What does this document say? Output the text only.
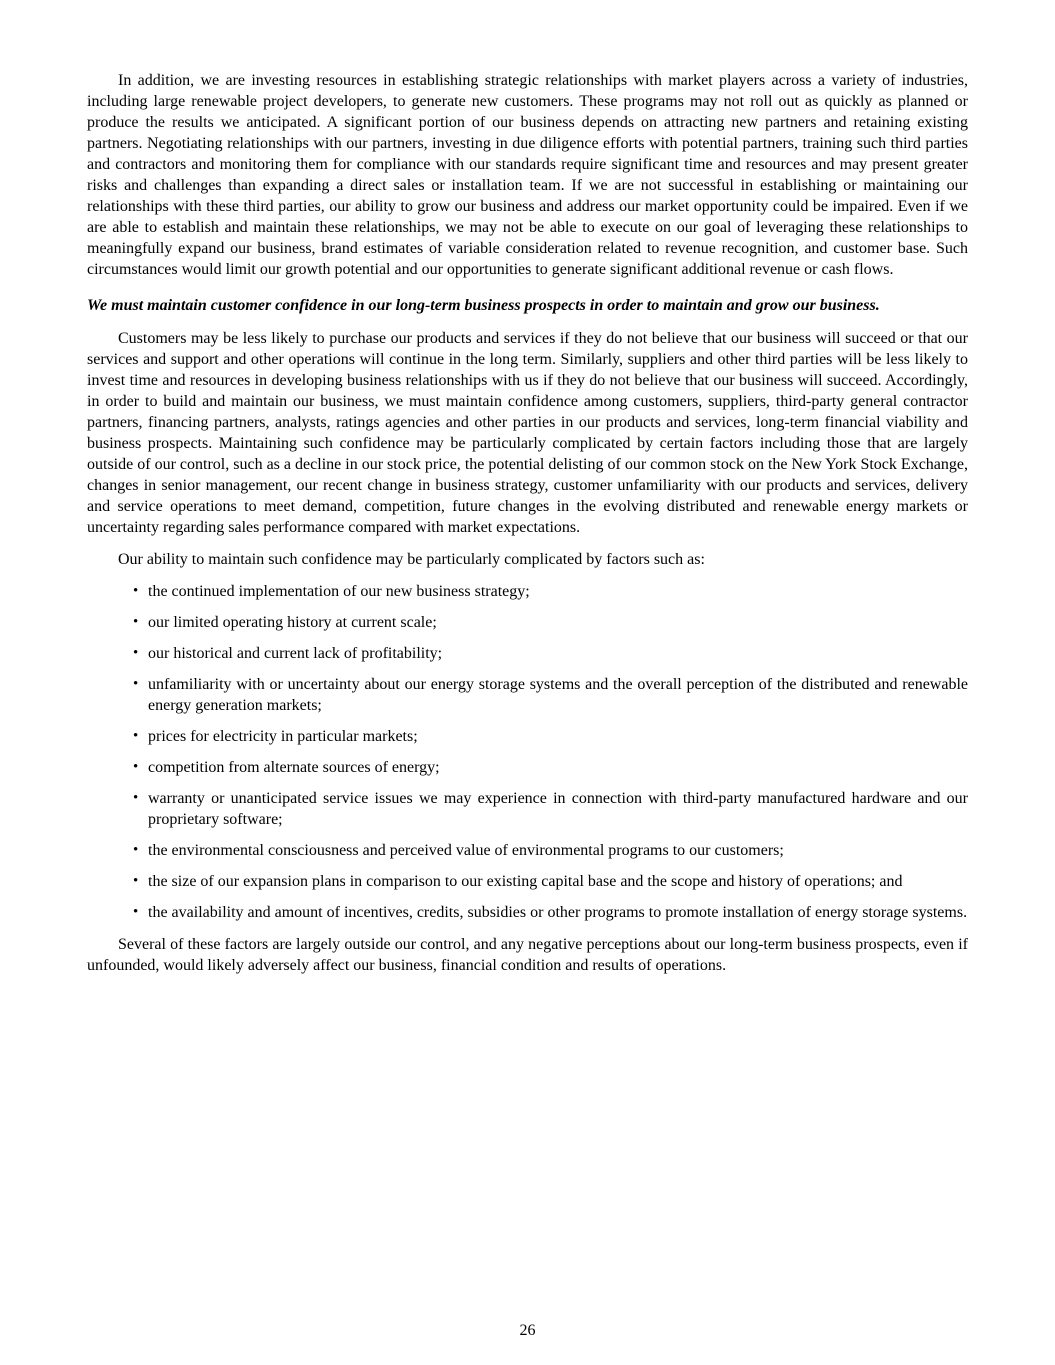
In addition, we are investing resources in establishing strategic relationships with market players across a variety of industries, including large renewable project developers, to generate new customers. These programs may not roll out as quickly as planned or produce the results we anticipated. A significant portion of our business depends on attracting new partners and retaining existing partners. Negotiating relationships with our partners, investing in due diligence efforts with potential partners, training such third parties and contractors and monitoring them for compliance with our standards require significant time and resources and may present greater risks and challenges than expanding a direct sales or installation team. If we are not successful in establishing or maintaining our relationships with these third parties, our ability to grow our business and address our market opportunity could be impaired. Even if we are able to establish and maintain these relationships, we may not be able to execute on our goal of leveraging these relationships to meaningfully expand our business, brand estimates of variable consideration related to revenue recognition, and customer base. Such circumstances would limit our growth potential and our opportunities to generate significant additional revenue or cash flows.

We must maintain customer confidence in our long-term business prospects in order to maintain and grow our business.

Customers may be less likely to purchase our products and services if they do not believe that our business will succeed or that our services and support and other operations will continue in the long term. Similarly, suppliers and other third parties will be less likely to invest time and resources in developing business relationships with us if they do not believe that our business will succeed. Accordingly, in order to build and maintain our business, we must maintain confidence among customers, suppliers, third-party general contractor partners, financing partners, analysts, ratings agencies and other parties in our products and services, long-term financial viability and business prospects. Maintaining such confidence may be particularly complicated by certain factors including those that are largely outside of our control, such as a decline in our stock price, the potential delisting of our common stock on the New York Stock Exchange, changes in senior management, our recent change in business strategy, customer unfamiliarity with our products and services, delivery and service operations to meet demand, competition, future changes in the evolving distributed and renewable energy markets or uncertainty regarding sales performance compared with market expectations.

Our ability to maintain such confidence may be particularly complicated by factors such as:

• the continued implementation of our new business strategy;
• our limited operating history at current scale;
• our historical and current lack of profitability;
• unfamiliarity with or uncertainty about our energy storage systems and the overall perception of the distributed and renewable energy generation markets;
• prices for electricity in particular markets;
• competition from alternate sources of energy;
• warranty or unanticipated service issues we may experience in connection with third-party manufactured hardware and our proprietary software;
• the environmental consciousness and perceived value of environmental programs to our customers;
• the size of our expansion plans in comparison to our existing capital base and the scope and history of operations; and
• the availability and amount of incentives, credits, subsidies or other programs to promote installation of energy storage systems.

Several of these factors are largely outside our control, and any negative perceptions about our long-term business prospects, even if unfounded, would likely adversely affect our business, financial condition and results of operations.

26
